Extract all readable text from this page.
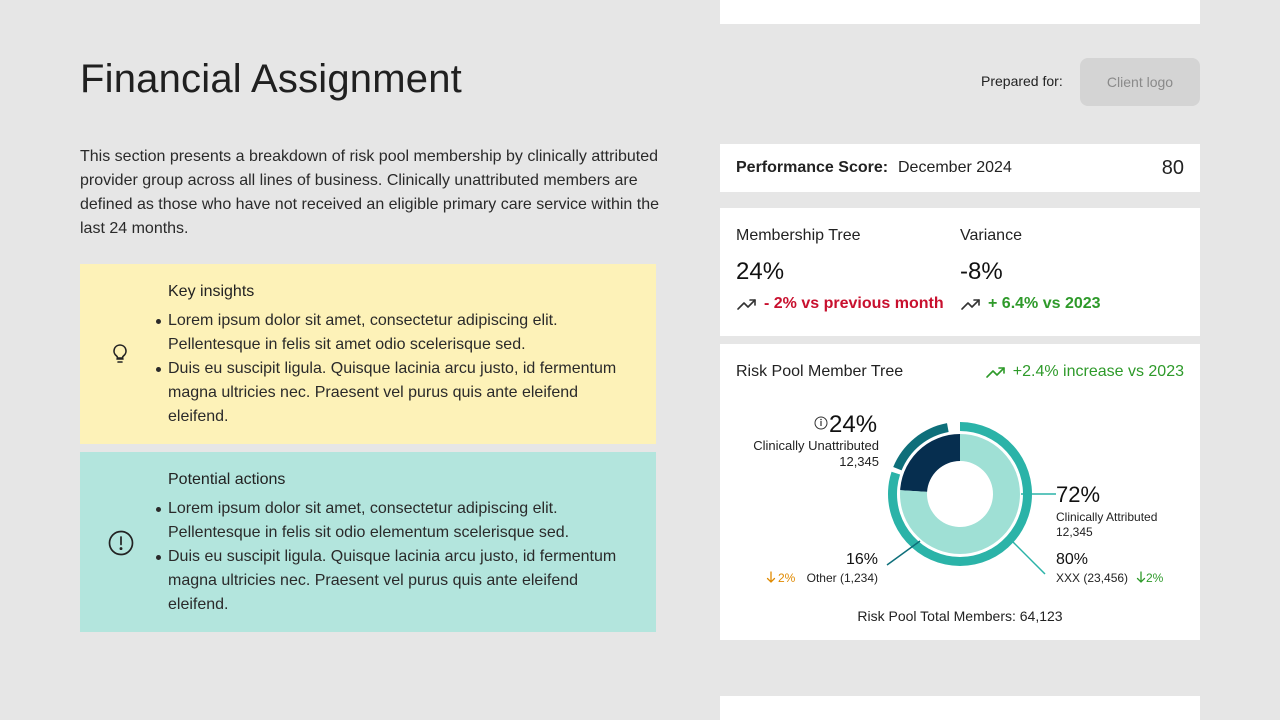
Financial Assignment	Prepared for:	Client logo
This section presents a breakdown of risk pool membership by clinically attributed provider group across all lines of business. Clinically unattributed members are defined as those who have not received an eligible primary care service within the last 24 months.
Key insights
Lorem ipsum dolor sit amet, consectetur adipiscing elit. Pellentesque in felis sit amet odio scelerisque sed.
Duis eu suscipit ligula. Quisque lacinia arcu justo, id fermentum magna ultricies nec. Praesent vel purus quis ante eleifend eleifend.
Potential actions
Lorem ipsum dolor sit amet, consectetur adipiscing elit. Pellentesque in felis sit odio elementum scelerisque sed.
Duis eu suscipit ligula. Quisque lacinia arcu justo, id fermentum magna ultricies nec. Praesent vel purus quis ante eleifend eleifend.
Performance Score: December 2024	80
Membership Tree
24%
- 2% vs previous month
Variance
-8%
+ 6.4% vs 2023
Risk Pool Member Tree	+2.4% increase vs 2023
24%
Clinically Unattributed
12,345
72%
Clinically Attributed
12,345
80%
XXX (23,456) 2%
16%
2% Other (1,234)
Risk Pool Total Members: 64,123
